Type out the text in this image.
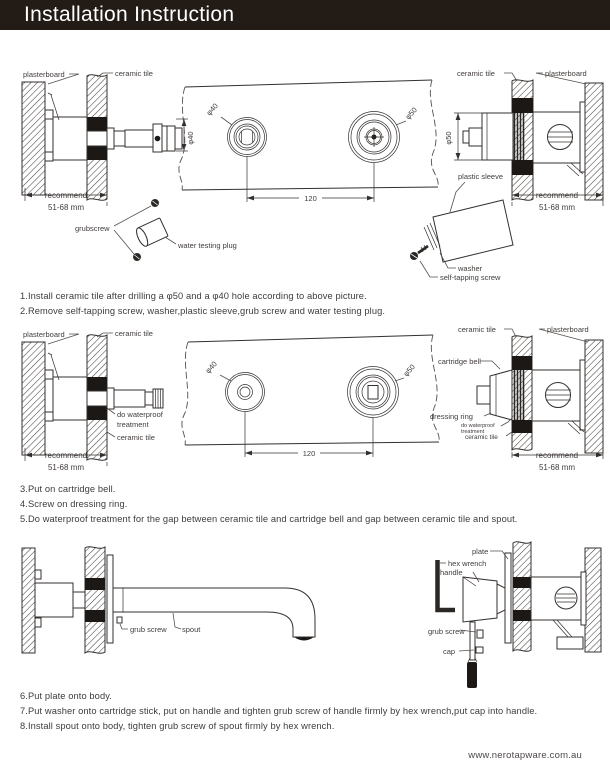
Installation Instruction
φ40
recommend
51-68 mm
plasterboard	ceramic tile
grubscrew
water testing plug
φ40	φ50
120
φ50
ceramic tile	plasterboard
recommend
51-68 mm
plastic sleeve
washer
self-tapping screw
1.Install ceramic tile after drilling a φ50 and a φ40 hole according to above picture.
2.Remove self-tapping screw, washer,plastic sleeve,grub screw and water testing plug.
plasterboard	ceramic tile
do waterproof
treatment
ceramic tile
recommend
51-68 mm
φ40	φ50
120
cartridge bell
ceramic tile	plasterboard
dressing ring
do waterproof
treatment
ceramic tile
recommend
51-68 mm
3.Put on cartridge bell.
4.Screw on dressing ring.
5.Do waterproof treatment for the gap between ceramic tile and cartridge bell and gap between ceramic tile and spout.
grub screw spout
plate
hex wrench
handle
grub screw
cap
6.Put plate onto body.
7.Put washer onto cartridge stick, put on handle and tighten grub screw of handle firmly by hex wrench,put cap into handle.
8.Install spout onto body, tighten grub screw of spout firmly by hex wrench.
www.nerotapware.com.au
